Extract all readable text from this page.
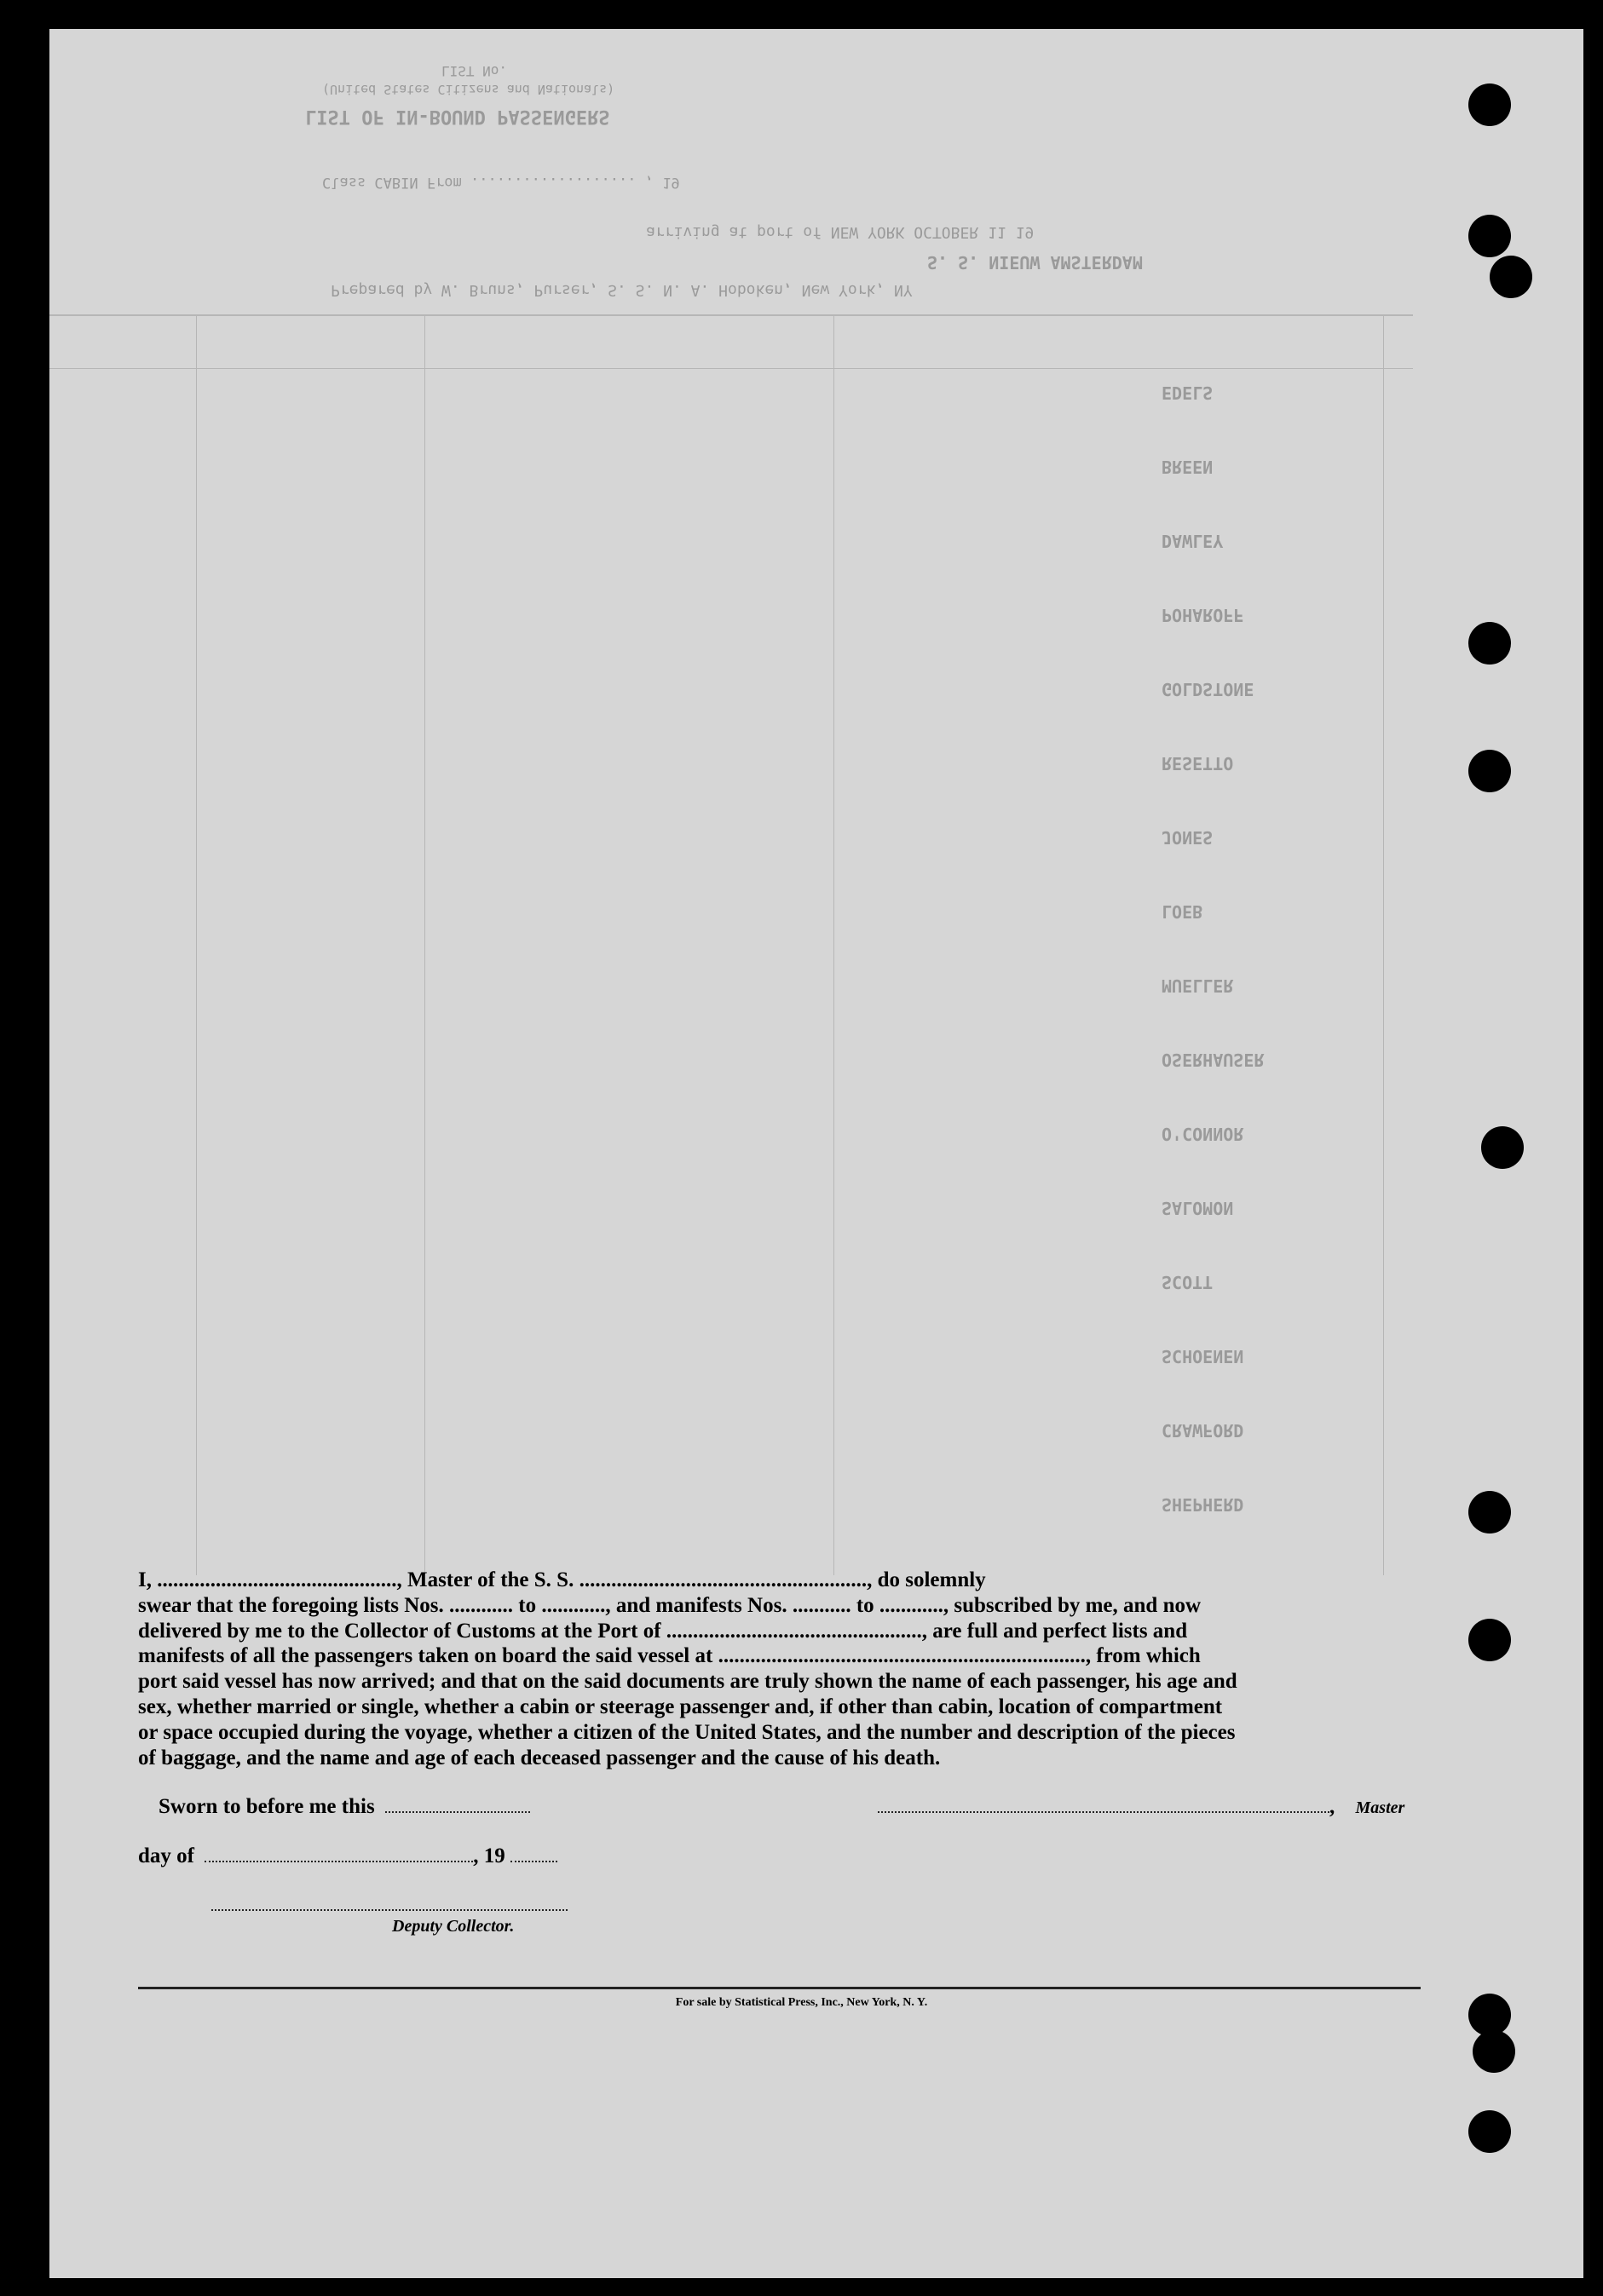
LIST No.
LIST OF IN-BOUND PASSENGERS
(United States Citizens and Nationals)
Class CABIN From ................... , 19
arriving at port of NEW YORK OCTOBER 11 19
S. S. NIEUW AMSTERDAM
Prepared by W. Bruns, Purser, S. S. N. A. Hoboken, New York, NY
EDELS
BREEN
DAWLEY
POHAROFF
GOLDSTONE
RESETTO
JONES
LOEB
MUELLER
OSERHAUSER
O'CONNOR
SALOMON
SCOTT
SCHOENEN
CRAWFORD
SHEPHERD
I, ............................................., Master of the S. S. ......................................................, do solemnly
swear that the foregoing lists Nos. ............ to ............, and manifests Nos. ........... to ............, subscribed by me, and now
delivered by me to the Collector of Customs at the Port of ................................................, are full and perfect lists and
manifests of all the passengers taken on board the said vessel at ....................................................................., from which
port said vessel has now arrived; and that on the said documents are truly shown the name of each passenger, his age and
sex, whether married or single, whether a cabin or steerage passenger and, if other than cabin, location of compartment
or space occupied during the voyage, whether a citizen of the United States, and the number and description of the pieces
of baggage, and the name and age of each deceased passenger and the cause of his death.
Sworn to before me this	, Master
day of	, 19
Deputy Collector.
For sale by Statistical Press, Inc., New York, N. Y.
